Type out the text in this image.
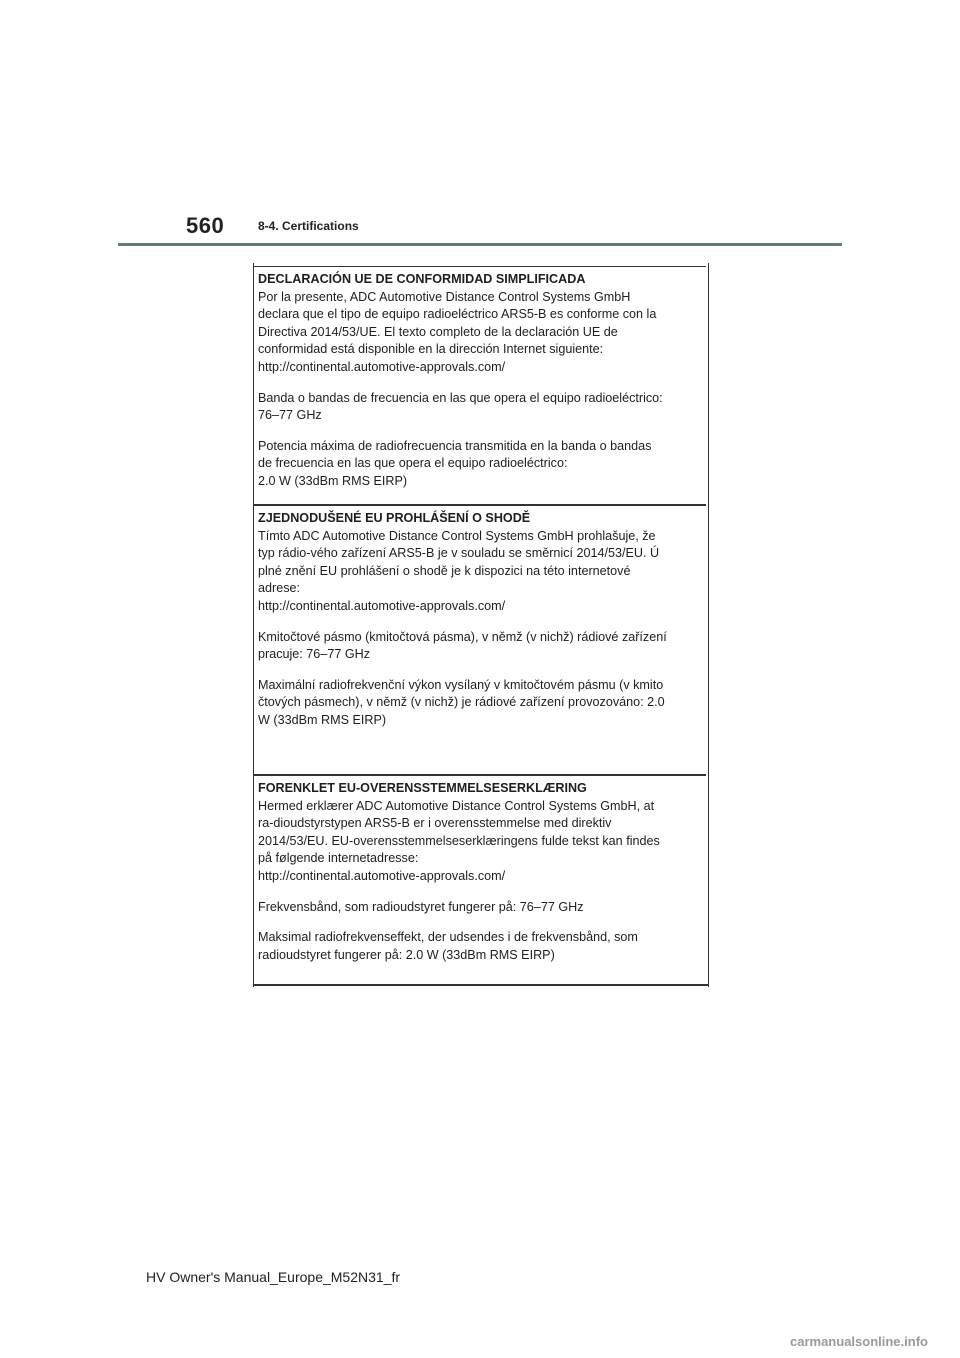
560	8-4. Certifications
DECLARACIÓN UE DE CONFORMIDAD SIMPLIFICADA

Por la presente, ADC Automotive Distance Control Systems GmbH
declara que el tipo de equipo radioeléctrico ARS5-B es conforme con la
Directiva 2014/53/UE. El texto completo de la declaración UE de
conformidad está disponible en la dirección Internet siguiente:
http://continental.automotive-approvals.com/

Banda o bandas de frecuencia en las que opera el equipo radioeléctrico:
76–77 GHz

Potencia máxima de radiofrecuencia transmitida en la banda o bandas
de frecuencia en las que opera el equipo radioeléctrico:
2.0 W (33dBm RMS EIRP)

ZJEDNODUŠENÉ EU PROHLÁŠENÍ O SHODĚ

Tímto ADC Automotive Distance Control Systems GmbH prohlašuje, že
typ rádio-vého zařízení ARS5-B je v souladu se směrnicí 2014/53/EU. Ú
plné znění EU prohlášení o shodě je k dispozici na této internetové
adrese:
http://continental.automotive-approvals.com/

Kmitočtové pásmo (kmitočtová pásma), v němž (v nichž) rádiové zařízení
pracuje: 76–77 GHz

Maximální radiofrekvenční výkon vysílaný v kmitočtovém pásmu (v kmito
čtových pásmech), v němž (v nichž) je rádiové zařízení provozováno: 2.0
W (33dBm RMS EIRP)

FORENKLET EU-OVERENSSTEMMELSESERKLÆRING

Hermed erklærer ADC Automotive Distance Control Systems GmbH, at
ra-dioudstyrstypen ARS5-B er i overensstemmelse med direktiv
2014/53/EU. EU-overensstemmelseserklæringens fulde tekst kan findes
på følgende internetadresse:
http://continental.automotive-approvals.com/

Frekvensbånd, som radioudstyret fungerer på: 76–77 GHz

Maksimal radiofrekvenseffekt, der udsendes i de frekvensbånd, som
radioudstyret fungerer på: 2.0 W (33dBm RMS EIRP)

HV Owner's Manual_Europe_M52N31_fr
carmanualsonline.info
